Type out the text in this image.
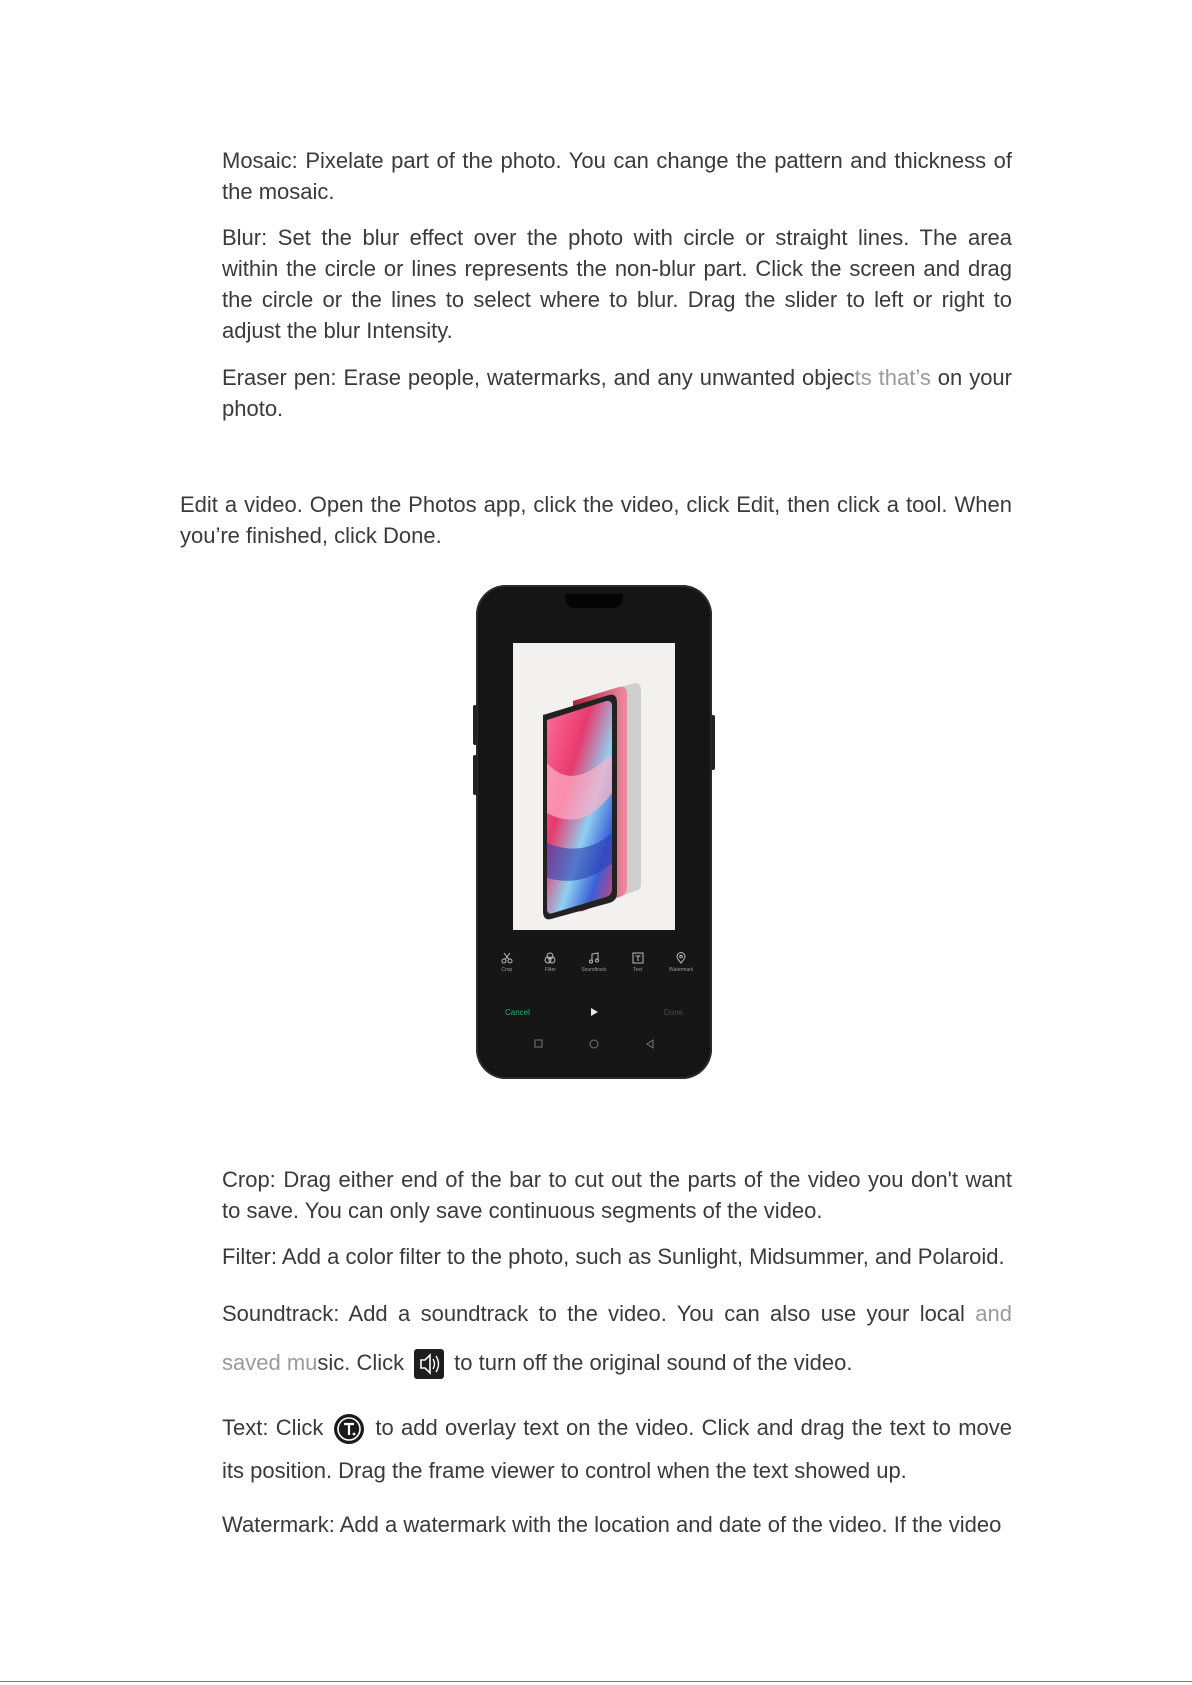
Mosaic: Pixelate part of the photo. You can change the pattern and thickness of the mosaic.

Blur: Set the blur effect over the photo with circle or straight lines. The area within the circle or lines represents the non-blur part. Click the screen and drag the circle or the lines to select where to blur. Drag the slider to left or right to adjust the blur Intensity.

Eraser pen: Erase people, watermarks, and any unwanted objects that’s on your photo.

Edit a video. Open the Photos app, click the video, click Edit, then click a tool. When you’re finished, click Done.

Crop	Filter	Soundtrack	Text	Watermark
Cancel	Done

Crop: Drag either end of the bar to cut out the parts of the video you don't want to save. You can only save continuous segments of the video.

Filter: Add a color filter to the photo, such as Sunlight, Midsummer, and Polaroid.

Soundtrack: Add a soundtrack to the video. You can also use your local and saved music. Click to turn off the original sound of the video.

Text: Click to add overlay text on the video. Click and drag the text to move its position. Drag the frame viewer to control when the text showed up.

Watermark: Add a watermark with the location and date of the video. If the video
